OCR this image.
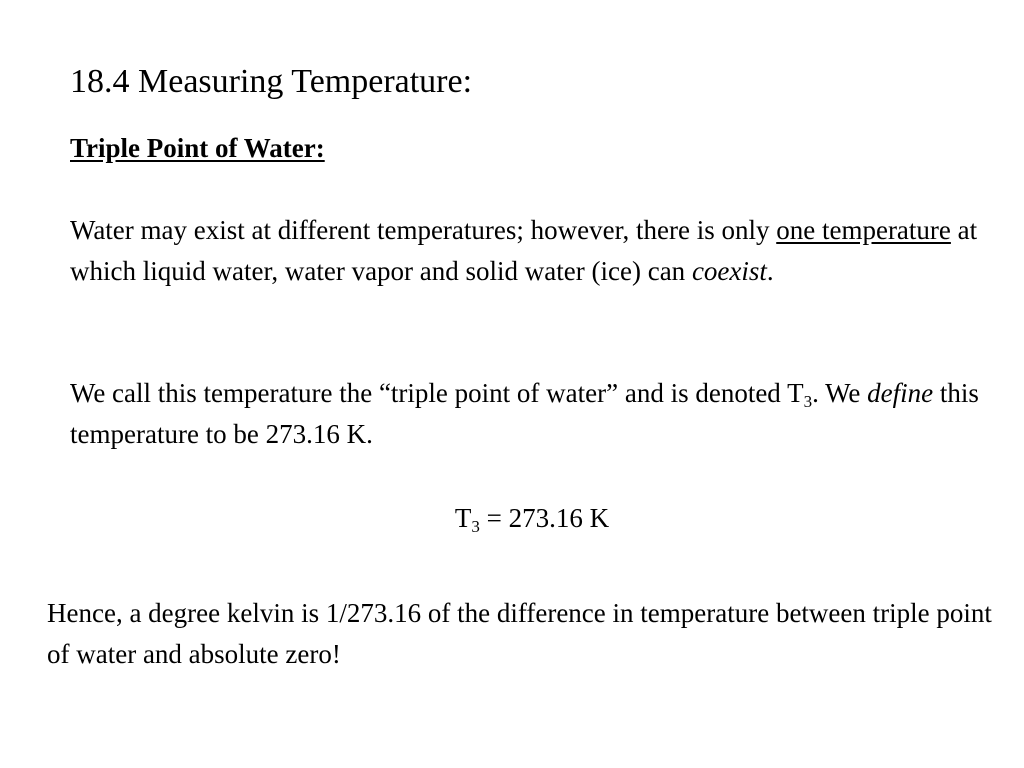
18.4 Measuring Temperature:
Triple Point of Water:

Water may exist at different temperatures; however, there is only one temperature at which liquid water, water vapor and solid water (ice) can coexist.

We call this temperature the “triple point of water” and is denoted $T_3$. We define this temperature to be 273.16 K.

$T_3 = 273.16$ K

Hence, a degree kelvin is 1/273.16 of the difference in temperature between triple point of water and absolute zero!
